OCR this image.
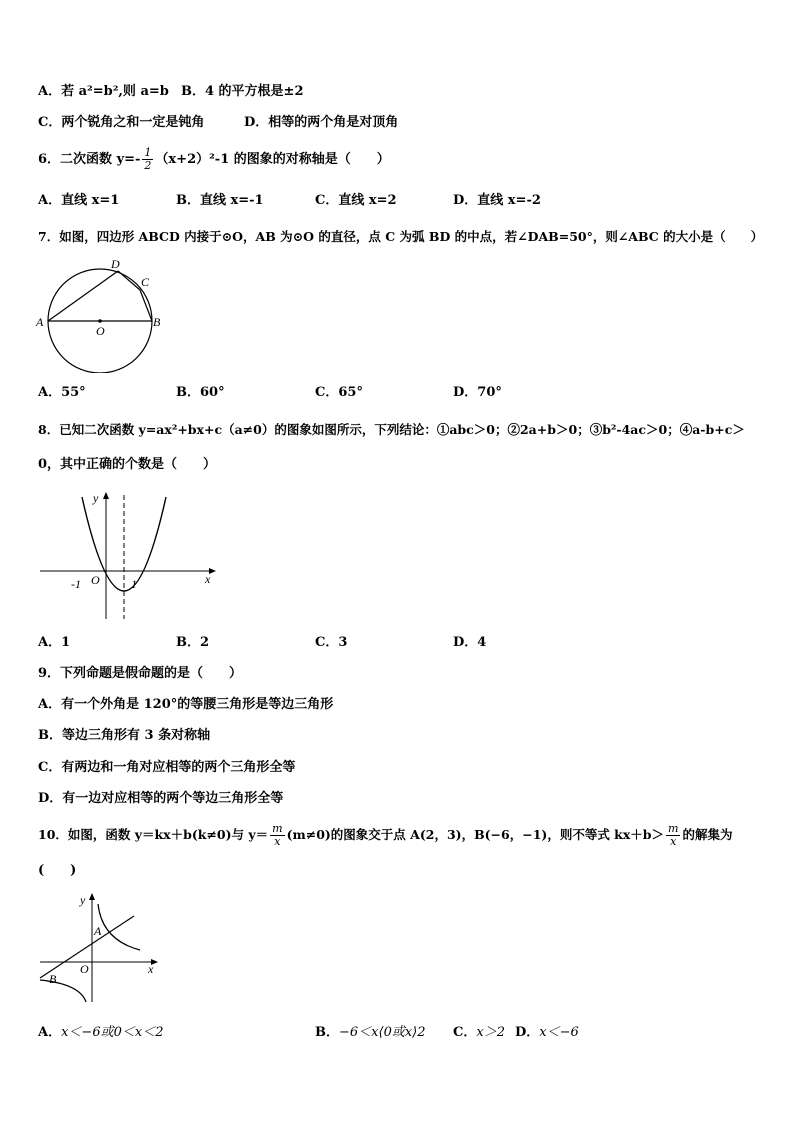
A．若 a²=b²,则 a=b B．4 的平方根是±2
C．两个锐角之和一定是钝角	D．相等的两个角是对顶角
6．二次函数 $y=- \frac{1}{2} (x+2)^2-1$ 的图象的对称轴是（　　）
A．直线 x=1	B．直线 x=-1	C．直线 x=2	D．直线 x=-2
7．如图，四边形 ABCD 内接于⊙O，AB 为⊙O 的直径，点 C 为弧 BD 的中点，若∠DAB=50°，则∠ABC 的大小是（　　）
A	B
C
D
O
A．55°	B．60°	C．65°	D．70°
8．已知二次函数 y=ax²+bx+c（a≠0）的图象如图所示，下列结论：①abc＞0；②2a+b＞0；③b²-4ac＞0；④a-b+c＞
0，其中正确的个数是（　　）
y
x
O
-1	1
A．1	B．2	C．3	D．4
9．下列命题是假命题的是（　　）
A．有一个外角是 120°的等腰三角形是等边三角形
B．等边三角形有 3 条对称轴
C．有两边和一角对应相等的两个三角形全等
D．有一边对应相等的两个等边三角形全等
10．如图，函数 y＝kx＋b(k≠0)与 $y= \frac{m}{x} (m\ne 0)$的图象交于点 A(2，3)，B(−6，−1)，则不等式 $kx+b> \frac{m}{x}$ 的解集为
(　　)
y
x
O
A
B
A．x＜−6或0＜x＜2	B．−6＜x⟨0或x⟩2 C．x＞2 D．x＜−6
